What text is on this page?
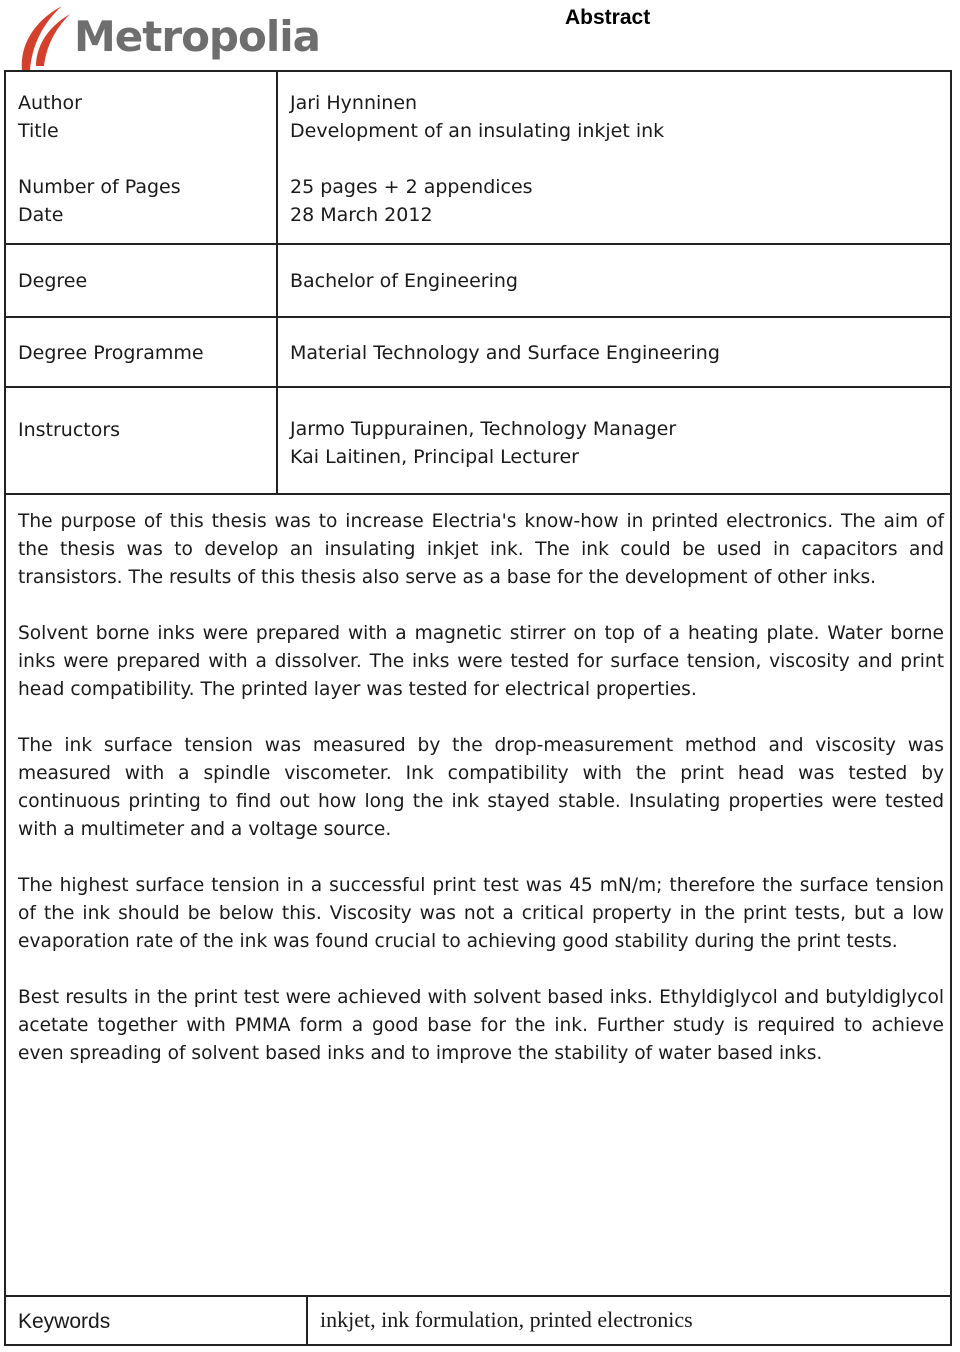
Metropolia	Abstract
Author	Jari Hynninen
Title	Development of an insulating inkjet ink
Number of Pages	25 pages + 2 appendices
Date	28 March 2012
Degree	Bachelor of Engineering
Degree Programme	Material Technology and Surface Engineering
Instructors	Jarmo Tuppurainen, Technology Manager
Kai Laitinen, Principal Lecturer

The purpose of this thesis was to increase Electria's know-how in printed electronics. The aim of the thesis was to develop an insulating inkjet ink. The ink could be used in capacitors and transistors. The results of this thesis also serve as a base for the development of other inks.

Solvent borne inks were prepared with a magnetic stirrer on top of a heating plate. Water borne inks were prepared with a dissolver. The inks were tested for surface tension, viscosity and print head compatibility. The printed layer was tested for electrical properties.

The ink surface tension was measured by the drop-measurement method and viscosity was measured with a spindle viscometer. Ink compatibility with the print head was tested by continuous printing to find out how long the ink stayed stable. Insulating properties were tested with a multimeter and a voltage source.

The highest surface tension in a successful print test was 45 mN/m; therefore the surface tension of the ink should be below this. Viscosity was not a critical property in the print tests, but a low evaporation rate of the ink was found crucial to achieving good stability during the print tests.

Best results in the print test were achieved with solvent based inks. Ethyldiglycol and butyldiglycol acetate together with PMMA form a good base for the ink. Further study is required to achieve even spreading of solvent based inks and to improve the stability of water based inks.

Keywords	inkjet, ink formulation, printed electronics
